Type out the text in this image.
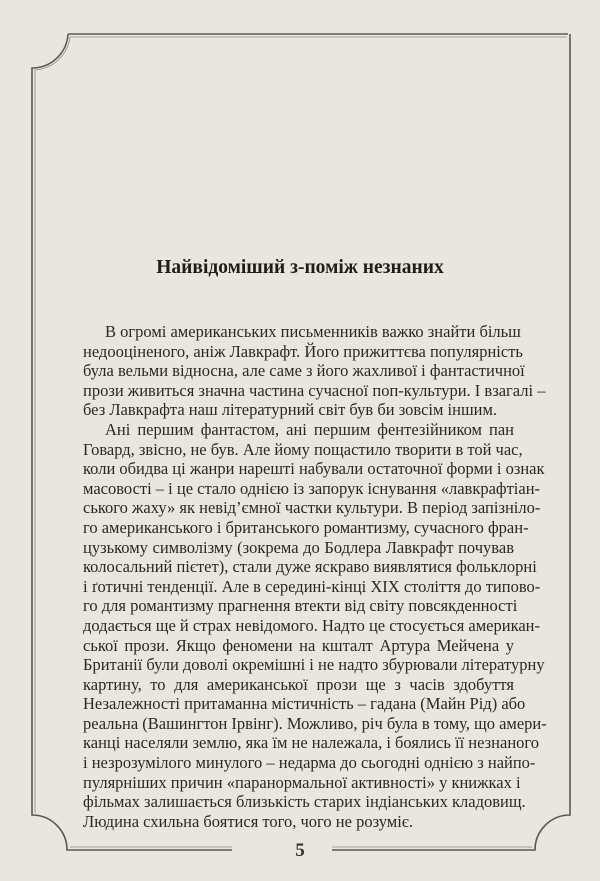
Найвідоміший з-поміж незнаних
В огромі американських письменників важко знайти більш
недооціненого, аніж Лавкрафт. Його прижиттєва популярність
була вельми відносна, але саме з його жахливої і фантастичної
прози живиться значна частина сучасної поп-культури. І взагалі –
без Лавкрафта наш літературний світ був би зовсім іншим.
Ані першим фантастом, ані першим фентезійником пан
Говард, звісно, не був. Але йому пощастило творити в той час,
коли обидва ці жанри нарешті набували остаточної форми і ознак
масовості – і це стало однією із запорук існування «лавкрафтіан-
ського жаху» як невід’ємної частки культури. В період запізніло-
го американського і британського романтизму, сучасного фран-
цузькому символізму (зокрема до Бодлера Лавкрафт почував
колосальний пієтет), стали дуже яскраво виявлятися фольклорні
і ґотичні тенденції. Але в середині-кінці XIX століття до типово-
го для романтизму прагнення втекти від світу повсякденності
додається ще й страх невідомого. Надто це стосується американ-
ської прози. Якщо феномени на кшталт Артура Мейчена у
Британії були доволі окремішні і не надто збурювали літературну
картину, то для американської прози ще з часів здобуття
Незалежності притаманна містичність – гадана (Майн Рід) або
реальна (Вашингтон Ірвінг). Можливо, річ була в тому, що амери-
канці населяли землю, яка їм не належала, і боялись її незнаного
і незрозумілого минулого – недарма до сьогодні однією з найпо-
пулярніших причин «паранормальної активності» у книжках і
фільмах залишається близькість старих індіанських кладовищ.
Людина схильна боятися того, чого не розуміє.
5
